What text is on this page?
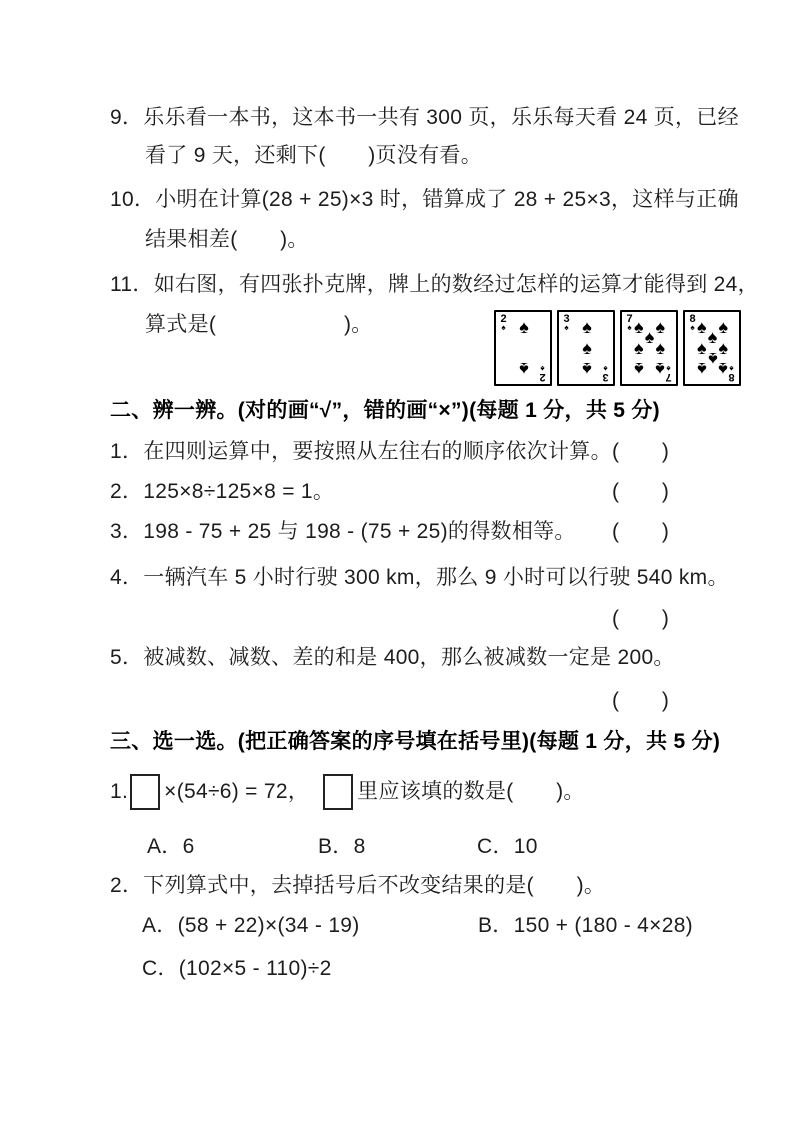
9．乐乐看一本书，这本书一共有 300 页，乐乐每天看 24 页，已经
看了 9 天，还剩下(　　)页没有看。
10．小明在计算(28 + 25)×3 时，错算成了 28 + 25×3，这样与正确
结果相差(　　)。
11．如右图，有四张扑克牌，牌上的数经过怎样的运算才能得到 24，
算式是(　　　　　　)。	2
♠
2
♠
♠
♠
3
♠
3
♠
♠
♠
♠
7
♠
7
♠
♠ ♠
♠
♠ ♠
♠ ♠
8
♠
8
♠
♠ ♠
♠
♠ ♠
♠
♠ ♠
二、辨一辨。(对的画“√”，错的画“×”)(每题 1 分，共 5 分)
1．在四则运算中，要按照从左往右的顺序依次计算。 (　　)
2．125×8÷125×8 = 1。	(　　)
3．198 - 75 + 25 与 198 - (75 + 25)的得数相等。 (　　)
4．一辆汽车 5 小时行驶 300 km，那么 9 小时可以行驶 540 km。
(　　)
5．被减数、减数、差的和是 400，那么被减数一定是 200。
(　　)
三、选一选。(把正确答案的序号填在括号里)(每题 1 分，共 5 分)
1. ×(54÷6) = 72， 里应该填的数是(　　)。
A．6	B．8	C．10
2．下列算式中，去掉括号后不改变结果的是(　　)。
A．(58 + 22)×(34 - 19)	B．150 + (180 - 4×28)
C．(102×5 - 110)÷2
